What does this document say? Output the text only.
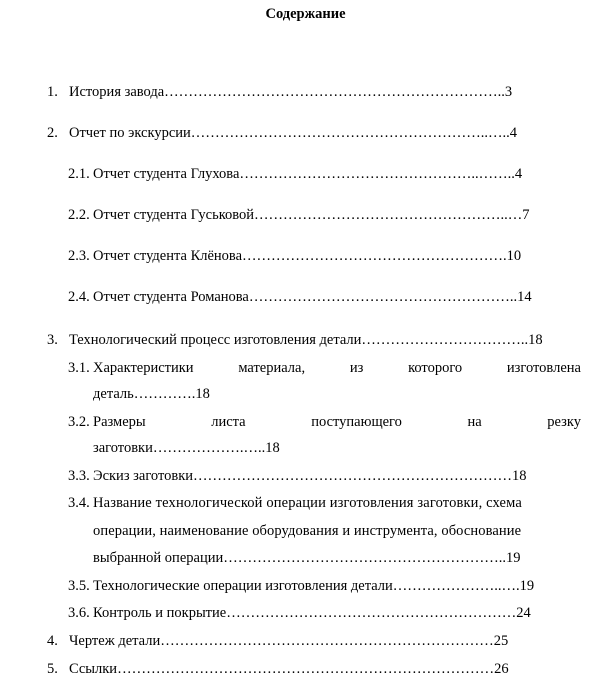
Содержание
1. История завода……………………………………………………………..3
2. Отчет по экскурсии……………………………………………………..…..4
2.1. Отчет студента Глухова…………………………………………..……..4
2.2. Отчет студента Гуськовой……………………………………………..…7
2.3. Отчет студента Клёнова……………………………………………….10
2.4. Отчет студента Романова………………………………………………..14
3. Технологический процесс изготовления детали……………………………..18
3.1. Характеристики	материала,	из	которого	изготовлена
деталь………….18
3.2. Размеры	листа	поступающего	на	резку
заготовки……………….…..18
3.3. Эскиз заготовки…………………………………………………………18
3.4. Название технологической операции изготовления заготовки, схема
операции, наименование оборудования и инструмента, обоснование
выбранной операции…………………………………………………..19
3.5. Технологические операции изготовления детали…………………..….19
3.6. Контроль и покрытие……………………………………………………24
4. Чертеж детали……………………………………………………………25
5. Ссылки……………………………………………………………………26
